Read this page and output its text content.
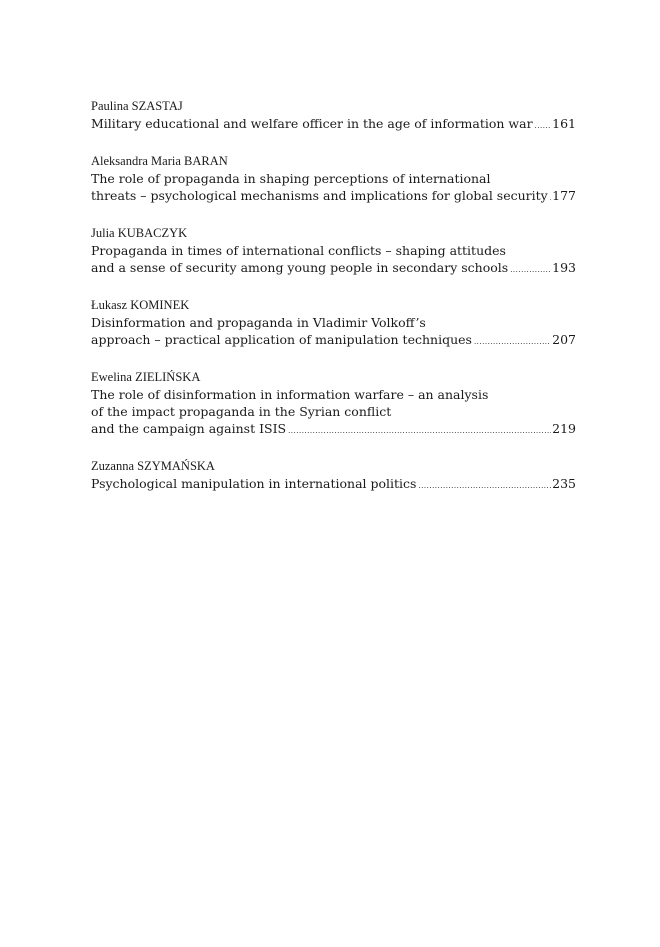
Paulina SZASTAJ
Military educational and welfare officer in the age of information war ..... 161
Aleksandra Maria BARAN
The role of propaganda in shaping perceptions of international
threats – psychological mechanisms and implications for global security ..... 177
Julia KUBACZYK
Propaganda in times of international conflicts – shaping attitudes
and a sense of security among young people in secondary schools .....	193
Łukasz KOMINEK
Disinformation and propaganda in Vladimir Volkoff’s
approach – practical application of manipulation techniques .....	207
Ewelina ZIELIŃSKA
The role of disinformation in information warfare – an analysis
of the impact propaganda in the Syrian conflict
and the campaign against ISIS .....	219
Zuzanna SZYMAŃSKA
Psychological manipulation in international politics .....	235
